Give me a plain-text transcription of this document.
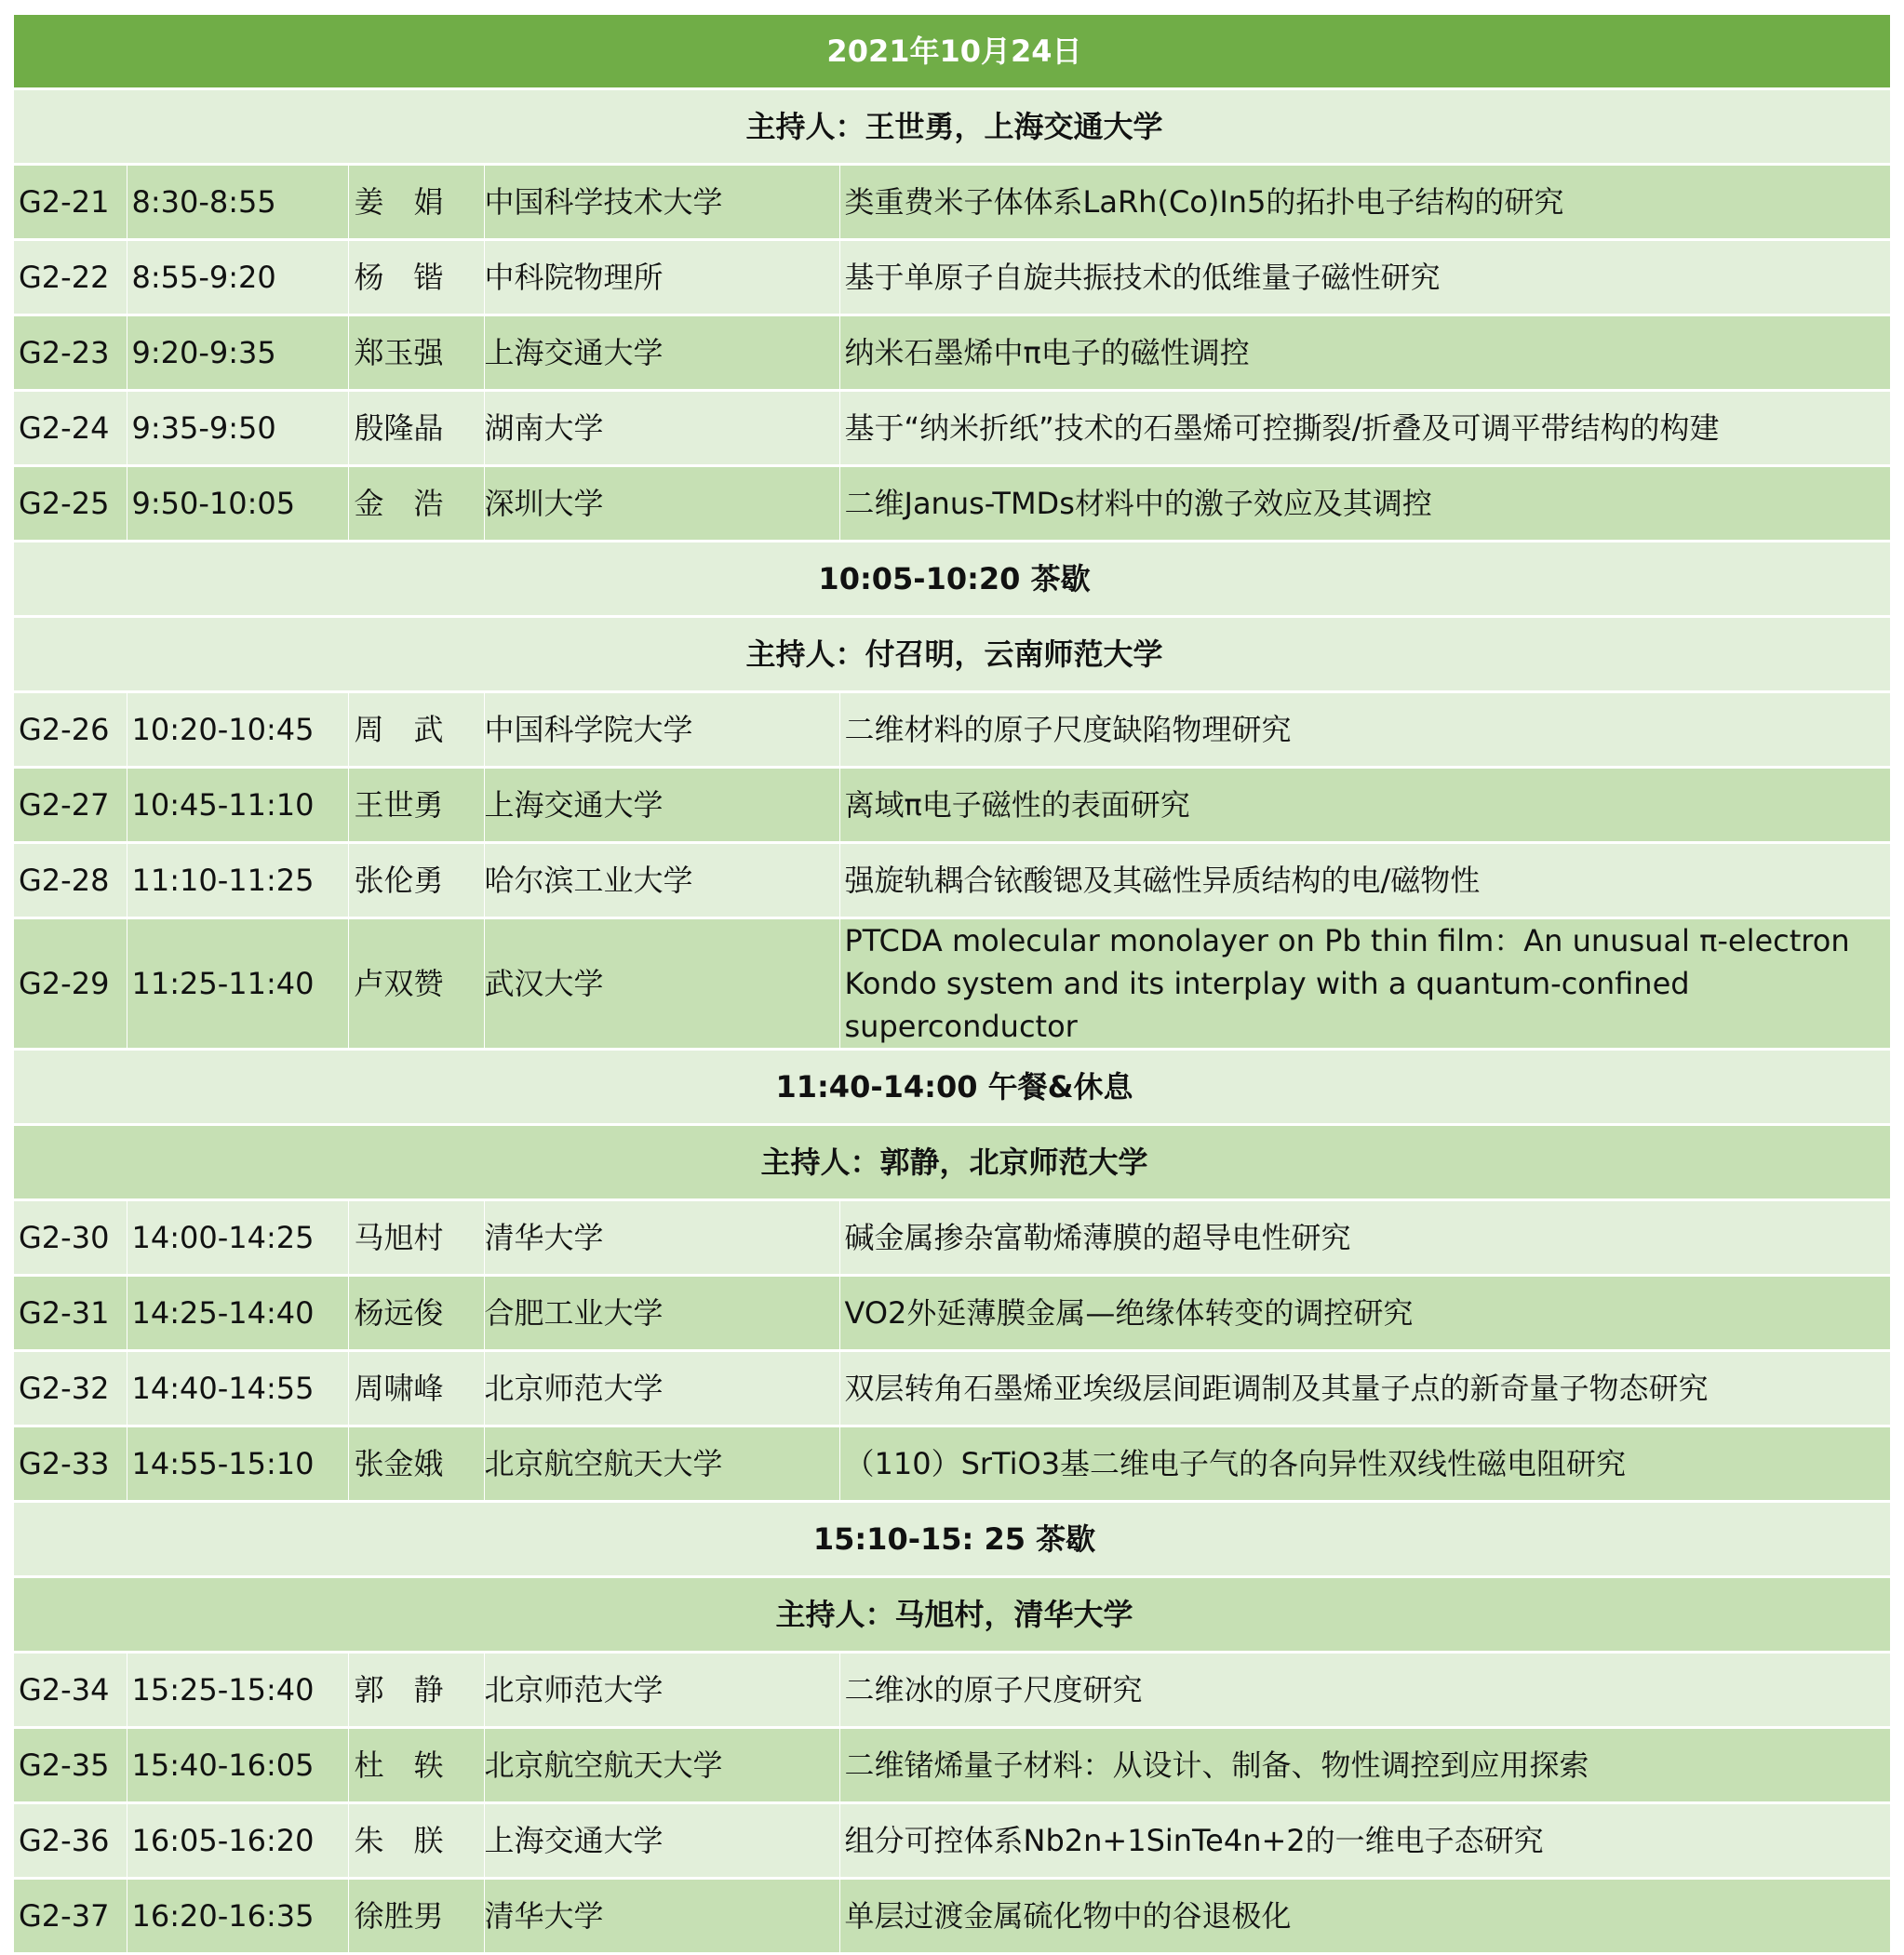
2021年10月24日				
主持人：王世勇，上海交通大学				
G2-21	8:30-8:55	姜　娟	中国科学技术大学	类重费米子体体系LaRh(Co)In5的拓扑电子结构的研究
G2-22	8:55-9:20	杨　锴	中科院物理所	基于单原子自旋共振技术的低维量子磁性研究
G2-23	9:20-9:35	郑玉强	上海交通大学	纳米石墨烯中π电子的磁性调控
G2-24	9:35-9:50	殷隆晶	湖南大学	基于“纳米折纸”技术的石墨烯可控撕裂/折叠及可调平带结构的构建
G2-25	9:50-10:05	金　浩	深圳大学	二维Janus-TMDs材料中的激子效应及其调控
10:05-10:20 茶歇				
主持人：付召明，云南师范大学				
G2-26	10:20-10:45	周　武	中国科学院大学	二维材料的原子尺度缺陷物理研究
G2-27	10:45-11:10	王世勇	上海交通大学	离域π电子磁性的表面研究
G2-28	11:10-11:25	张伦勇	哈尔滨工业大学	强旋轨耦合铱酸锶及其磁性异质结构的电/磁物性
G2-29	11:25-11:40	卢双赞	武汉大学	PTCDA molecular monolayer on Pb thin film：An unusual π-electron Kondo system and its interplay with a quantum-confined superconductor
11:40-14:00 午餐&休息				
主持人：郭静，北京师范大学				
G2-30	14:00-14:25	马旭村	清华大学	碱金属掺杂富勒烯薄膜的超导电性研究
G2-31	14:25-14:40	杨远俊	合肥工业大学	VO2外延薄膜金属—绝缘体转变的调控研究
G2-32	14:40-14:55	周啸峰	北京师范大学	双层转角石墨烯亚埃级层间距调制及其量子点的新奇量子物态研究
G2-33	14:55-15:10	张金娥	北京航空航天大学	（110）SrTiO3基二维电子气的各向异性双线性磁电阻研究
15:10-15: 25 茶歇				
主持人：马旭村，清华大学				
G2-34	15:25-15:40	郭　静	北京师范大学	二维冰的原子尺度研究
G2-35	15:40-16:05	杜　轶	北京航空航天大学	二维锗烯量子材料：从设计、制备、物性调控到应用探索
G2-36	16:05-16:20	朱　朕	上海交通大学	组分可控体系Nb2n+1SinTe4n+2的一维电子态研究
G2-37	16:20-16:35	徐胜男	清华大学	单层过渡金属硫化物中的谷退极化
